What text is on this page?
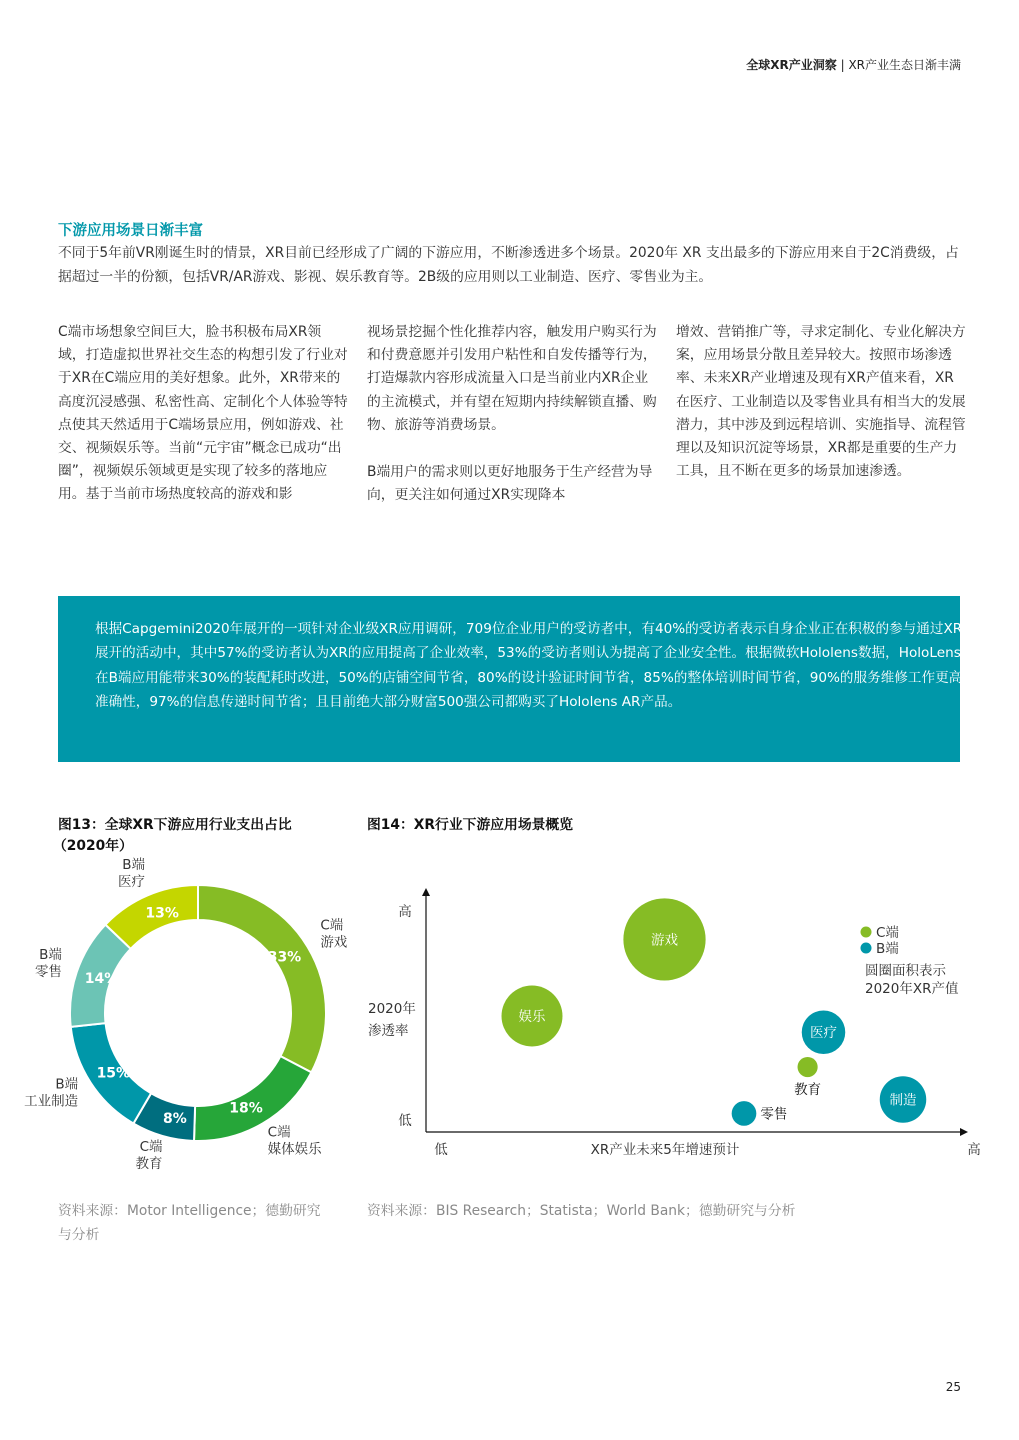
全球XR产业洞察 | XR产业生态日渐丰满
下游应用场景日渐丰富
不同于5年前VR刚诞生时的情景，XR目前已经形成了广阔的下游应用，不断渗透进多个场景。2020年 XR 支出最多的下游应用来自于2C消费级，占据超过一半的份额，包括VR/AR游戏、影视、娱乐教育等。2B级的应用则以工业制造、医疗、零售业为主。

C端市场想象空间巨大，脸书积极布局XR领域，打造虚拟世界社交生态的构想引发了行业对于XR在C端应用的美好想象。此外，XR带来的高度沉浸感强、私密性高、定制化个人体验等特点使其天然适用于C端场景应用，例如游戏、社交、视频娱乐等。当前“元宇宙”概念已成功“出圈”，视频娱乐领域更是实现了较多的落地应用。基于当前市场热度较高的游戏和影

视场景挖掘个性化推荐内容，触发用户购买行为和付费意愿并引发用户粘性和自发传播等行为，打造爆款内容形成流量入口是当前业内XR企业的主流模式，并有望在短期内持续解锁直播、购物、旅游等消费场景。

B端用户的需求则以更好地服务于生产经营为导向，更关注如何通过XR实现降本

增效、营销推广等，寻求定制化、专业化解决方案，应用场景分散且差异较大。按照市场渗透率、未来XR产业增速及现有XR产值来看，XR在医疗、工业制造以及零售业具有相当大的发展潜力，其中涉及到远程培训、实施指导、流程管理以及知识沉淀等场景，XR都是重要的生产力工具，且不断在更多的场景加速渗透。

根据Capgemini2020年展开的一项针对企业级XR应用调研，709位企业用户的受访者中，有40%的受访者表示自身企业正在积极的参与通过XR展开的活动中，其中57%的受访者认为XR的应用提高了企业效率，53%的受访者则认为提高了企业安全性。根据微软Hololens数据，HoloLens在B端应用能带来30%的装配耗时改进，50%的店铺空间节省，80%的设计验证时间节省，85%的整体培训时间节省，90%的服务维修工作更高准确性，97%的信息传递时间节省；且目前绝大部分财富500强公司都购买了Hololens AR产品。
图13：全球XR下游应用行业支出占比
（2020年）
33%
18%
8%
15%
14%
13%
C端游戏
C端媒体娱乐
C端教育
B端工业制造
B端零售
B端医疗
资料来源：Motor Intelligence；德勤研究
与分析
图14：XR行业下游应用场景概览
高
低
2020年
渗透率
低	高
XR产业未来5年增速预计
游戏
娱乐
医疗
教育
零售
制造
C端
B端
圆圈面积表示
2020年XR产值
资料来源：BIS Research；Statista；World Bank；德勤研究与分析
25
